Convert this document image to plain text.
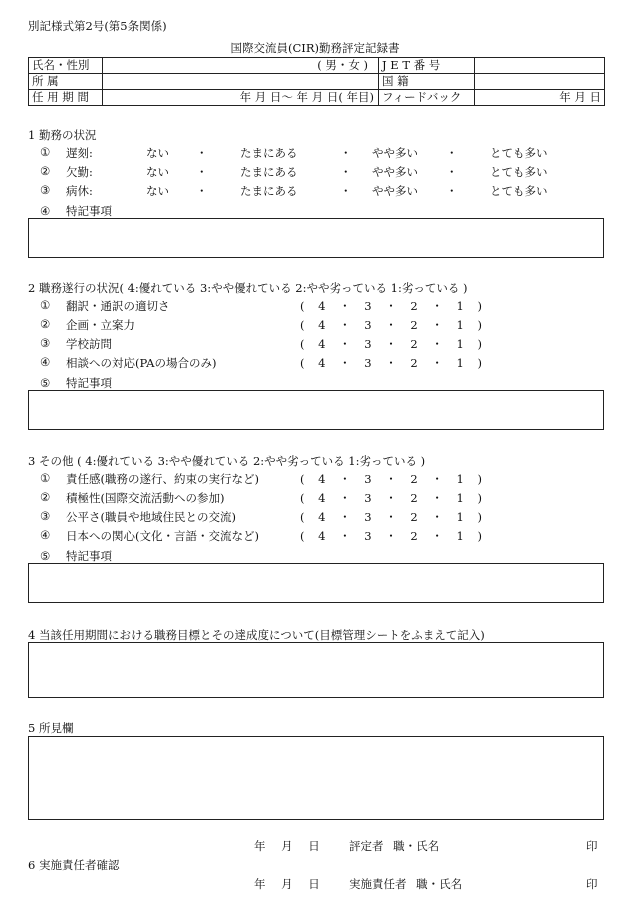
別記様式第2号(第5条関係)
国際交流員(CIR)勤務評定記録書
氏名・性別	( 男・女 )	J E T 番 号	
所 属		国 籍	
任 用 期 間	年 月 日〜 年 月 日( 年目)	フィードバック	年 月 日
1 勤務の状況
① 遅刻:	ない ・	たまにある	・ やや多い ・	とても多い
② 欠勤:	ない ・	たまにある	・ やや多い ・	とても多い
③ 病休:	ない ・	たまにある	・ やや多い ・	とても多い
④ 特記事項
2 職務遂行の状況( 4:優れている 3:やや優れている 2:やや劣っている 1:劣っている )
① 翻訳・通訳の適切さ	( 4 ・ 3 ・ 2 ・ 1 )
② 企画・立案力	( 4 ・ 3 ・ 2 ・ 1 )
③ 学校訪問	( 4 ・ 3 ・ 2 ・ 1 )
④ 相談への対応(PAの場合のみ)	( 4 ・ 3 ・ 2 ・ 1 )
⑤ 特記事項
3 その他 ( 4:優れている 3:やや優れている 2:やや劣っている 1:劣っている )
① 責任感(職務の遂行、約束の実行など)	( 4 ・ 3 ・ 2 ・ 1 )
② 積極性(国際交流活動への参加)	( 4 ・ 3 ・ 2 ・ 1 )
③ 公平さ(職員や地域住民との交流)	( 4 ・ 3 ・ 2 ・ 1 )
④ 日本への関心(文化・言語・交流など)	( 4 ・ 3 ・ 2 ・ 1 )
⑤ 特記事項
4 当該任用期間における職務目標とその達成度について(目標管理シートをふまえて記入)
5 所見欄
年 月 日	評定者 職・氏名	印
6 実施責任者確認
年 月 日	実施責任者 職・氏名	印
